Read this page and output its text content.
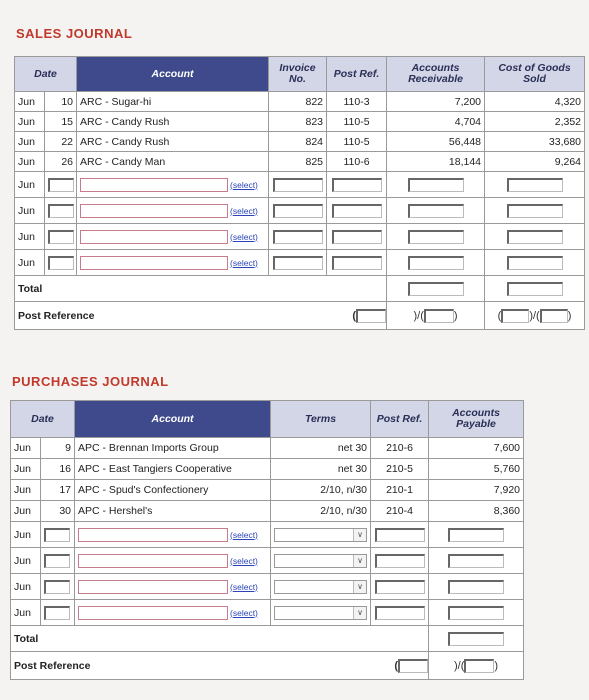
SALES JOURNAL
Date		Account	Invoice No.	Post Ref.	Accounts Receivable	Cost of Goods Sold
Jun	10	ARC - Sugar-hi	822	110-3	7,200	4,320
Jun	15	ARC - Candy Rush	823	110-5	4,704	2,352
Jun	22	ARC - Candy Rush	824	110-5	56,448	33,680
Jun	26	ARC - Candy Man	825	110-6	18,144	9,264
Jun		(select)				
Jun		(select)				
Jun		(select)				
Jun		(select)				
Total						
Post Reference (					)/( )	( )/( )
PURCHASES JOURNAL
Date		Account	Terms	Post Ref.	Accounts Payable
Jun	9	APC - Brennan Imports Group	net 30	210-6	7,600
Jun	16	APC - East Tangiers Cooperative	net 30	210-5	5,760
Jun	17	APC - Spud's Confectionery	2/10, n/30	210-1	7,920
Jun	30	APC - Hershel's	2/10, n/30	210-4	8,360
Jun		(select)	∨		

Jun		(select)	∨		

Jun		(select)	∨		

Jun		(select)	∨		

Total					
Post Reference (					)/( )
